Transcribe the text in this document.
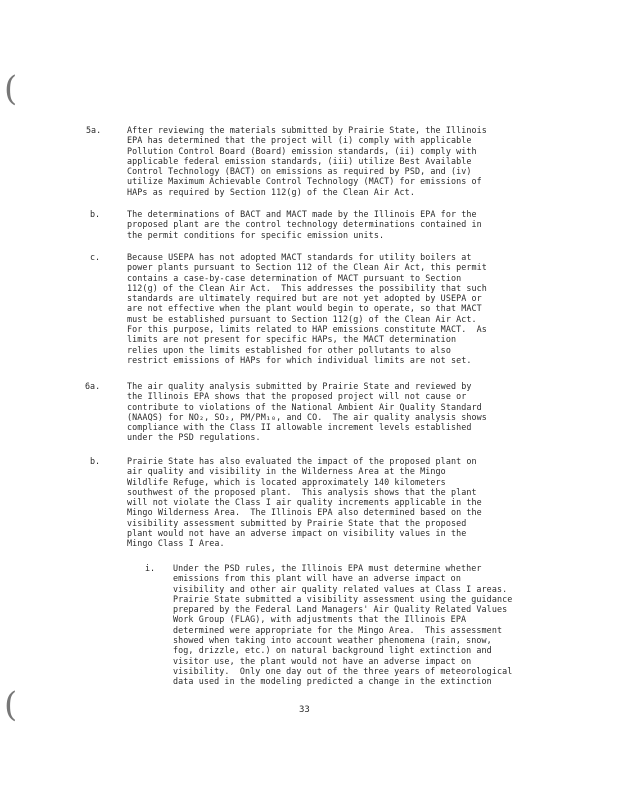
(
(
5a.	After reviewing the materials submitted by Prairie State, the Illinois
EPA has determined that the project will (i) comply with applicable
Pollution Control Board (Board) emission standards, (ii) comply with
applicable federal emission standards, (iii) utilize Best Available
Control Technology (BACT) on emissions as required by PSD, and (iv)
utilize Maximum Achievable Control Technology (MACT) for emissions of
HAPs as required by Section 112(g) of the Clean Air Act.
b.	The determinations of BACT and MACT made by the Illinois EPA for the
proposed plant are the control technology determinations contained in
the permit conditions for specific emission units.
c.	Because USEPA has not adopted MACT standards for utility boilers at
power plants pursuant to Section 112 of the Clean Air Act, this permit
contains a case-by-case determination of MACT pursuant to Section
112(g) of the Clean Air Act.  This addresses the possibility that such
standards are ultimately required but are not yet adopted by USEPA or
are not effective when the plant would begin to operate, so that MACT
must be established pursuant to Section 112(g) of the Clean Air Act.
For this purpose, limits related to HAP emissions constitute MACT.  As
limits are not present for specific HAPs, the MACT determination
relies upon the limits established for other pollutants to also
restrict emissions of HAPs for which individual limits are not set.
6a.	The air quality analysis submitted by Prairie State and reviewed by
the Illinois EPA shows that the proposed project will not cause or
contribute to violations of the National Ambient Air Quality Standard
(NAAQS) for NO₂, SO₂, PM/PM₁₀, and CO.  The air quality analysis shows
compliance with the Class II allowable increment levels established
under the PSD regulations.
b.	Prairie State has also evaluated the impact of the proposed plant on
air quality and visibility in the Wilderness Area at the Mingo
Wildlife Refuge, which is located approximately 140 kilometers
southwest of the proposed plant.  This analysis shows that the plant
will not violate the Class I air quality increments applicable in the
Mingo Wilderness Area.  The Illinois EPA also determined based on the
visibility assessment submitted by Prairie State that the proposed
plant would not have an adverse impact on visibility values in the
Mingo Class I Area.
i. Under the PSD rules, the Illinois EPA must determine whether
emissions from this plant will have an adverse impact on
visibility and other air quality related values at Class I areas.
Prairie State submitted a visibility assessment using the guidance
prepared by the Federal Land Managers' Air Quality Related Values
Work Group (FLAG), with adjustments that the Illinois EPA
determined were appropriate for the Mingo Area.  This assessment
showed when taking into account weather phenomena (rain, snow,
fog, drizzle, etc.) on natural background light extinction and
visitor use, the plant would not have an adverse impact on
visibility.  Only one day out of the three years of meteorological
data used in the modeling predicted a change in the extinction
33
